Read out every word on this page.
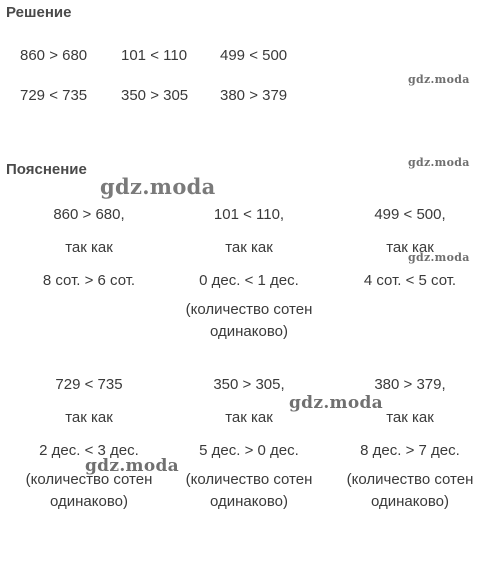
Решение
860 > 680 101 < 110 499 < 500
729 < 735 350 > 305 380 > 379
Пояснение
860 > 680,
так как
8 сот. > 6 сот.
101 < 110,
так как
0 дес. < 1 дес.
(количество сотен
одинаково)
499 < 500,
так как
4 сот. < 5 сот.
729 < 735
так как
2 дес. < 3 дес.
(количество сотен
одинаково)
350 > 305,
так как
5 дес. > 0 дес.
(количество сотен
одинаково)
380 > 379,
так как
8 дес. > 7 дес.
(количество сотен
одинаково)
gdz.moda
gdz.moda
gdz.moda
gdz.moda
gdz.moda
gdz.moda
